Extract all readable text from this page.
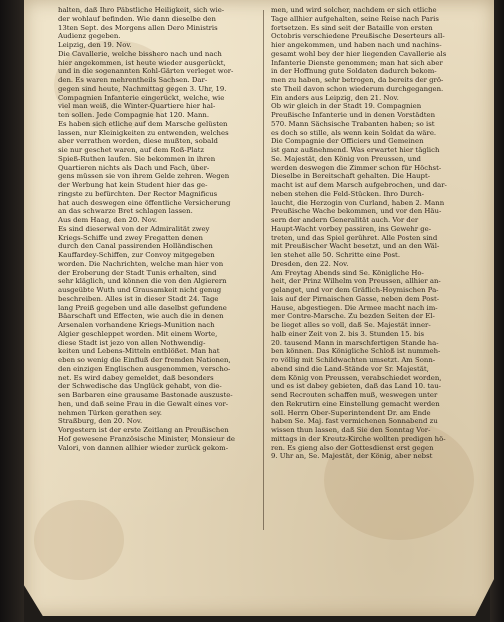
halten, daß Ihro Päbstliche Heiligkeit, sich wie-
der wohlauf befinden. Wie dann dieselbe den
13ten Sept. des Morgens allen Dero Ministris
Audienz gegeben.
Leipzig, den 19. Nov.
Die Cavallerie, welche bisshero nach und nach
hier angekommen, ist heute wieder ausgerückt,
und in die sogenannten Kohl-Gärten verleget wor-
den. Es waren mehrentheils Sachsen. Dar-
gegen sind heute, Nachmittag gegen 3. Uhr, 19.
Compagnien Infanterie eingerückt, welche, wie
viel man weiß, die Winter-Quartiere hier hal-
ten sollen. Jede Compagnie hat 120. Mann.
Es haben sich etliche auf dem Marsche gelüsten
lassen, nur Kleinigkeiten zu entwenden, welches
aber verrathen worden, diese mußten, sobald
sie nur geschet waren, auf dem Roß-Platz
Spieß-Ruthen laufen. Sie bekommen in ihren
Quartieren nichts als Dach und Fach, über-
gens müssen sie von ihrem Gelde zehren. Wegen
der Werbung hat kein Student hier das ge-
ringste zu befürchten. Der Rector Magnificus
hat auch deswegen eine öffentliche Versicherung
an das schwarze Bret schlagen lassen.
Aus dem Haag, den 20. Nov.
Es sind dieserwal von der Admiralität zwey
Kriegs-Schiffe und zwey Fregatten denen
durch den Canal passirenden Holländischen
Kauffardey-Schiffen, zur Convoy mitgegeben
worden. Die Nachrichten, welche man hier von
der Eroberung der Stadt Tunis erhalten, sind
sehr kläglich, und können die von den Algierern
ausgeübte Wuth und Grausamkeit nicht genug
beschreiben. Alles ist in dieser Stadt 24. Tage
lang Preiß gegeben und alle daselbst gefundene
Bäarschaft und Effecten, wie auch die in denen
Arsenalen vorhandene Kriegs-Munition nach
Algier geschleppet worden. Mit einem Worte,
diese Stadt ist jezo von allen Nothwendig-
keiten und Lebens-Mitteln entblößet. Man hat
eben so wenig die Einfluß der fremden Nationen,
den einzigen Englischen ausgenommen, verscho-
net. Es wird dabey gemeldet, daß besonders
der Schwedische das Unglück gehabt, von die-
sen Barbaren eine grausame Bastonade auszuste-
hen, und daß seine Frau in die Gewalt eines vor-
nehmen Türken gerathen sey.
Straßburg, den 20. Nov.
Vorgestern ist der erste Zeitlang an Preußischen
Hof gewesene Französische Minister, Monsieur de
Valori, von dannen allhier wieder zurück gekom-
men, und wird solcher, nachdem er sich etliche
Tage allhier aufgehalten, seine Reise nach Paris
fortsetzen. Es sind seit der Bataille von ersten
Octobris verschiedene Preußische Deserteurs all-
hier angekommen, und haben nach und nachins-
gesamt wohl bey der hier liegenden Cavallerie als
Infanterie Dienste genommen; man hat sich aber
in der Hoffnung gute Soldaten dadurch bekom-
men zu haben, sehr betrogen, da bereits der grö-
ste Theil davon schon wiederum durchgegangen.
Ein anders aus Leipzig, den 21. Nov.
Ob wir gleich in der Stadt 19. Compagnien
Preußische Infanterie und in denen Vorstädten
570. Mann Sächsische Trabanten haben; so ist
es doch so stille, als wenn kein Soldat da wäre.
Die Compagnie der Officiers und Gemeinen
ist ganz außnehmend. Was erwartet hier täglich
Se. Majestät, den König von Preussen, und
werden deswegen die Zimmer schon für Höchst-
Dieselbe in Bereitschaft gehalten. Die Haupt-
macht ist auf dem Marsch aufgebrochen, und dar-
neben stehen die Feld-Stücken. Ihro Durch-
laucht, die Herzogin von Curland, haben 2. Mann
Preußische Wache bekommen, und vor den Häu-
sern der andern Generalität auch. Vor der
Haupt-Wacht vorbey passiren, ins Gewehr ge-
treten, und das Spiel gerühret. Alle Posten sind
mit Preußischer Wacht besetzt, und an den Wäl-
len stehet alle 50. Schritte eine Post.
Dresden, den 22. Nov.
Am Freytag Abends sind Se. Königliche Ho-
heit, der Prinz Wilhelm von Preussen, allhier an-
gelanget, und vor dem Gräflich-Hoymischen Pa-
lais auf der Pirnaischen Gasse, neben dem Post-
Hause, abgestiegen. Die Armee macht nach im-
mer Contre-Marsche. Zu bezden Seiten der El-
be lieget alles so voll, daß Se. Majestät inner-
halb einer Zeit von 2. bis 3. Stunden 15. bis
20. tausend Mann in marschfertigen Stande ha-
ben können. Das Königliche Schloß ist nummeh-
ro völlig mit Schildwachten umsetzt. Am Sonn-
abend sind die Land-Stände vor Sr. Majestät,
dem König von Preussen, verabschiedet worden,
und es ist dabey gebieten, daß das Land 10. tau-
send Recrouten schaffen muß, weswegen unter
den Rekrutirn eine Einstellung gemacht werden
soll. Herrn Ober-Superintendent Dr. am Ende
haben Se. Maj. fast vermichenen Sonnabend zu
wissen thun lassen, daß Sie den Sonntag Vor-
mittags in der Kreutz-Kirche wollten predigen hö-
ren. Es gieng also der Gottesdienst erst gegen
9. Uhr an, Se. Majestät, der König, aber nebst
